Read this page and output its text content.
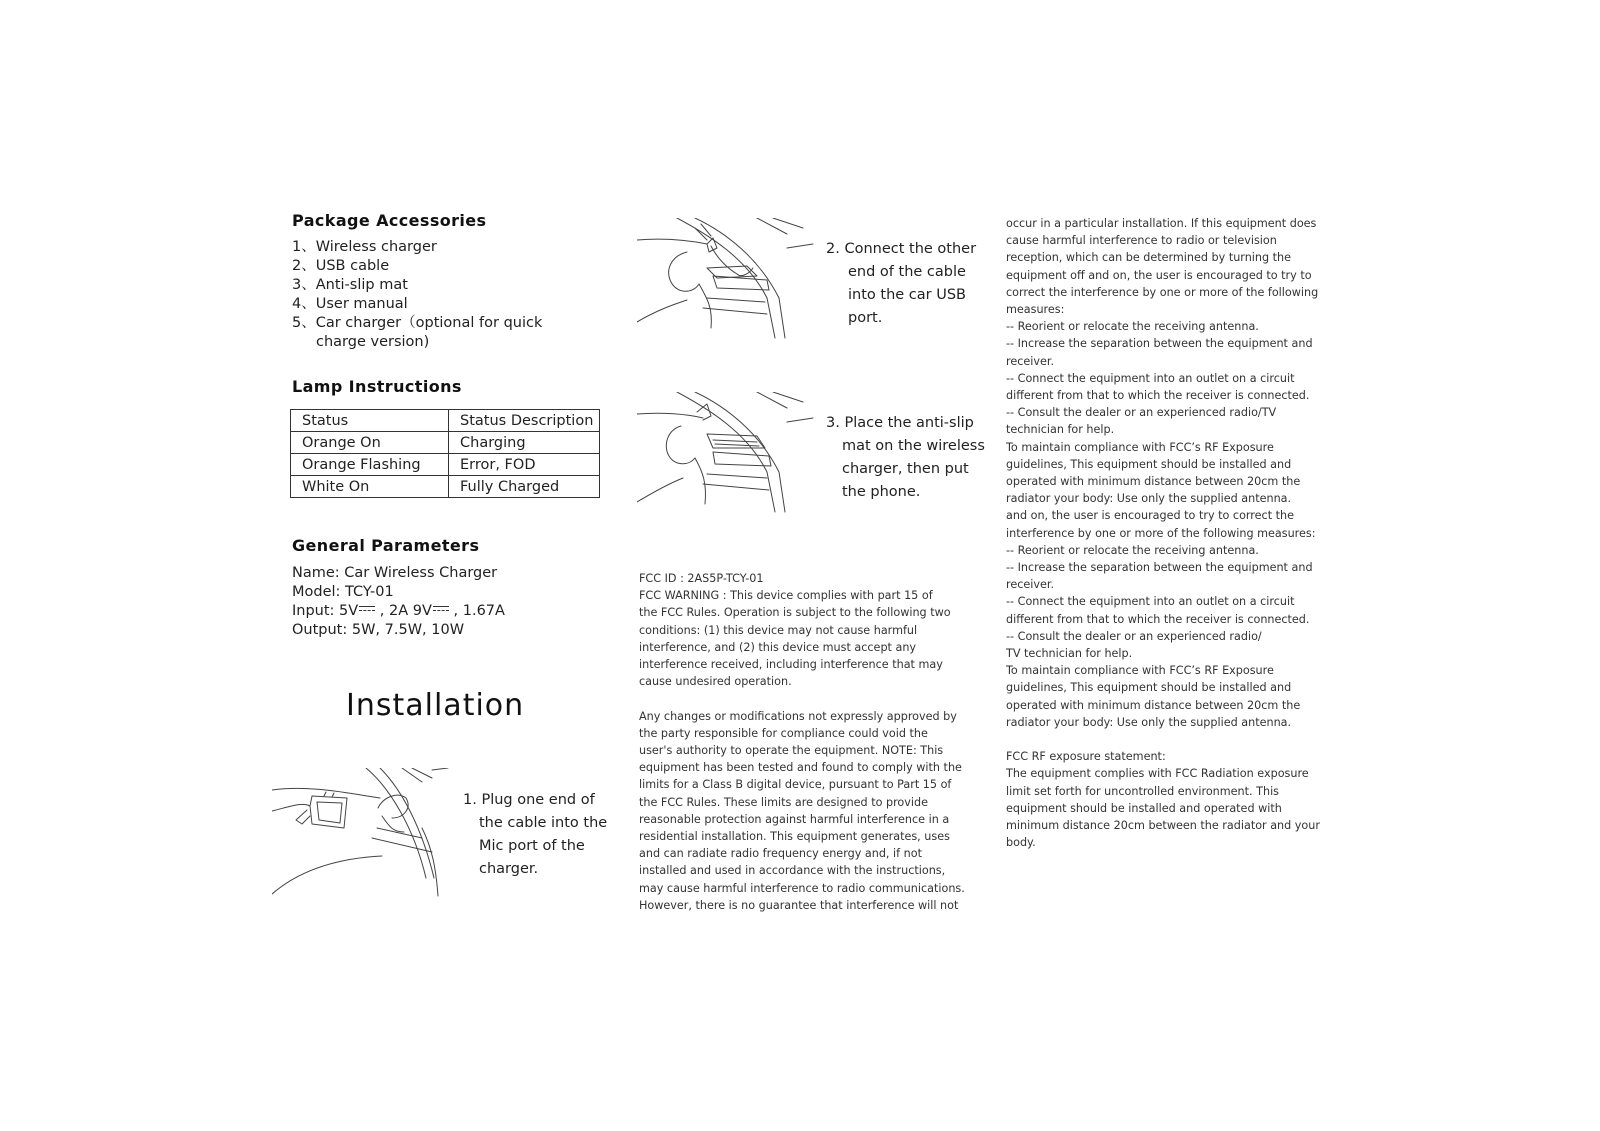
Package Accessories
1、Wireless charger
2、USB cable
3、Anti-slip mat
4、User manual
5、Car charger（optional for quick
charge version)
Lamp Instructions
Status	Status Description
Orange On	Charging
Orange Flashing	Error, FOD
White On	Fully Charged
General Parameters
Name: Car Wireless Charger
Model: TCY-01
Input: 5V , 2A 9V , 1.67A
Output: 5W, 7.5W, 10W
Installation
1. Plug one end of
the cable into the
Mic port of the
charger.
2. Connect the other
end of the cable
into the car USB
port.
3. Place the anti-slip
mat on the wireless
charger, then put
the phone.
FCC ID : 2AS5P-TCY-01
FCC WARNING : This device complies with part 15 of
the FCC Rules. Operation is subject to the following two
conditions: (1) this device may not cause harmful
interference, and (2) this device must accept any
interference received, including interference that may
cause undesired operation.
Any changes or modifications not expressly approved by
the party responsible for compliance could void the
user's authority to operate the equipment. NOTE: This
equipment has been tested and found to comply with the
limits for a Class B digital device, pursuant to Part 15 of
the FCC Rules. These limits are designed to provide
reasonable protection against harmful interference in a
residential installation. This equipment generates, uses
and can radiate radio frequency energy and, if not
installed and used in accordance with the instructions,
may cause harmful interference to radio communications.
However, there is no guarantee that interference will not
occur in a particular installation. If this equipment does
cause harmful interference to radio or television
reception, which can be determined by turning the
equipment off and on, the user is encouraged to try to
correct the interference by one or more of the following
measures:
-- Reorient or relocate the receiving antenna.
-- Increase the separation between the equipment and
receiver.
-- Connect the equipment into an outlet on a circuit
different from that to which the receiver is connected.
-- Consult the dealer or an experienced radio/TV
technician for help.
To maintain compliance with FCC’s RF Exposure
guidelines, This equipment should be installed and
operated with minimum distance between 20cm the
radiator your body: Use only the supplied antenna.
and on, the user is encouraged to try to correct the
interference by one or more of the following measures:
-- Reorient or relocate the receiving antenna.
-- Increase the separation between the equipment and
receiver.
-- Connect the equipment into an outlet on a circuit
different from that to which the receiver is connected.
-- Consult the dealer or an experienced radio/
TV technician for help.
To maintain compliance with FCC’s RF Exposure
guidelines, This equipment should be installed and
operated with minimum distance between 20cm the
radiator your body: Use only the supplied antenna.
FCC RF exposure statement:
The equipment complies with FCC Radiation exposure
limit set forth for uncontrolled environment. This
equipment should be installed and operated with
minimum distance 20cm between the radiator and your
body.
